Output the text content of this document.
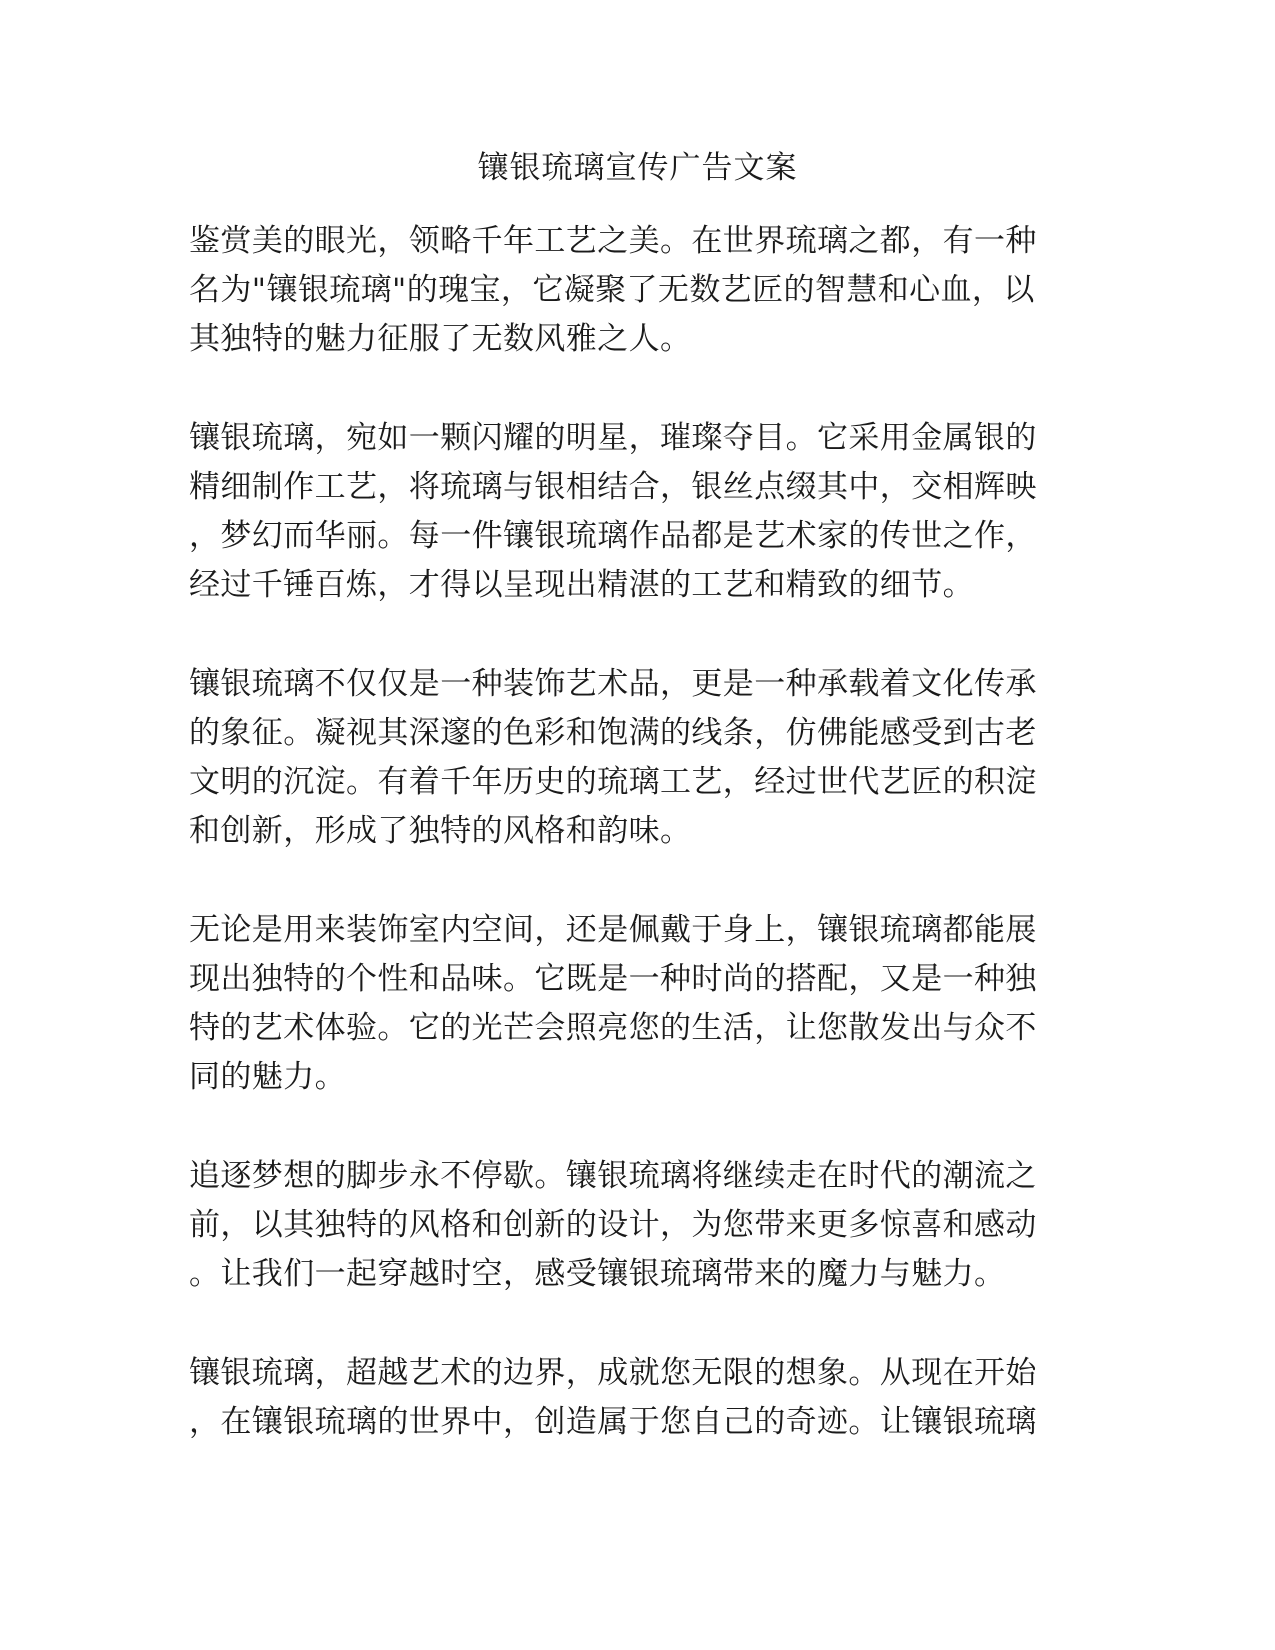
镶银琉璃宣传广告文案
鉴赏美的眼光，领略千年工艺之美。在世界琉璃之都，有一种
名为"镶银琉璃"的瑰宝，它凝聚了无数艺匠的智慧和心血，以
其独特的魅力征服了无数风雅之人。
镶银琉璃，宛如一颗闪耀的明星，璀璨夺目。它采用金属银的
精细制作工艺，将琉璃与银相结合，银丝点缀其中，交相辉映
，梦幻而华丽。每一件镶银琉璃作品都是艺术家的传世之作，
经过千锤百炼，才得以呈现出精湛的工艺和精致的细节。
镶银琉璃不仅仅是一种装饰艺术品，更是一种承载着文化传承
的象征。凝视其深邃的色彩和饱满的线条，仿佛能感受到古老
文明的沉淀。有着千年历史的琉璃工艺，经过世代艺匠的积淀
和创新，形成了独特的风格和韵味。
无论是用来装饰室内空间，还是佩戴于身上，镶银琉璃都能展
现出独特的个性和品味。它既是一种时尚的搭配，又是一种独
特的艺术体验。它的光芒会照亮您的生活，让您散发出与众不
同的魅力。
追逐梦想的脚步永不停歇。镶银琉璃将继续走在时代的潮流之
前，以其独特的风格和创新的设计，为您带来更多惊喜和感动
。让我们一起穿越时空，感受镶银琉璃带来的魔力与魅力。
镶银琉璃，超越艺术的边界，成就您无限的想象。从现在开始
，在镶银琉璃的世界中，创造属于您自己的奇迹。让镶银琉璃
